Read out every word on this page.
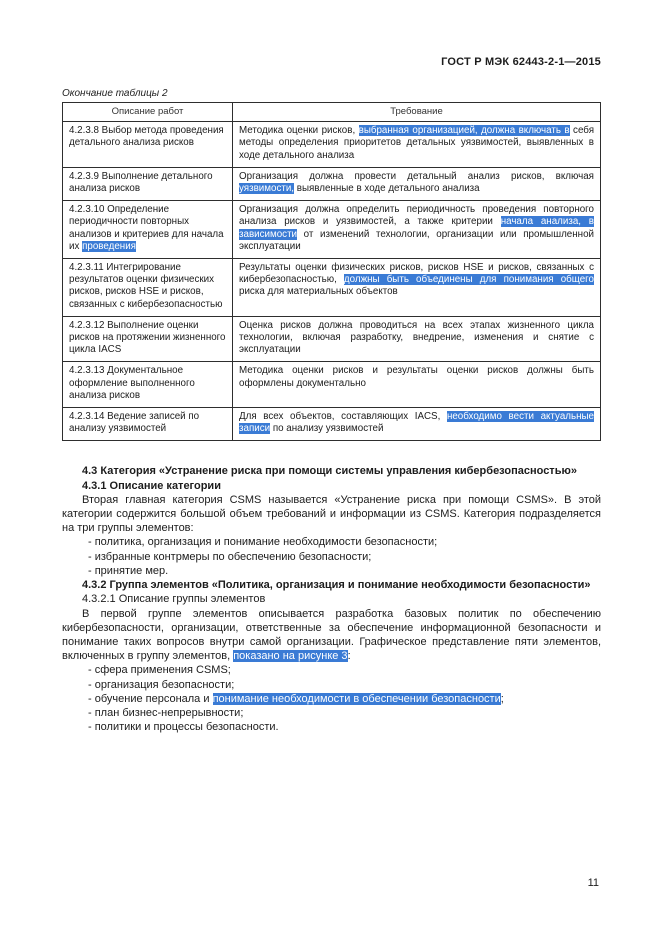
ГОСТ Р МЭК 62443-2-1—2015
Окончание таблицы 2
Описание работ	Требование
4.2.3.8 Выбор метода проведения детального анализа рисков	Методика оценки рисков, выбранная организацией, должна включать в себя методы определения приоритетов детальных уязвимостей, выявленных в ходе детального анализа
4.2.3.9 Выполнение детального анализа рисков	Организация должна провести детальный анализ рисков, включая уязвимости, выявленные в ходе детального анализа
4.2.3.10 Определение периодичности повторных анализов и критериев для начала их проведения	Организация должна определить периодичность проведения повторного анализа рисков и уязвимостей, а также критерии начала анализа, в зависимости от изменений технологии, организации или промышленной эксплуатации
4.2.3.11 Интегрирование результатов оценки физических рисков, рисков HSE и рисков, связанных с кибербезопасностью	Результаты оценки физических рисков, рисков HSE и рисков, связанных с кибербезопасностью, должны быть объединены для понимания общего риска для материальных объектов
4.2.3.12 Выполнение оценки рисков на протяжении жизненного цикла IACS	Оценка рисков должна проводиться на всех этапах жизненного цикла технологии, включая разработку, внедрение, изменения и снятие с эксплуатации
4.2.3.13 Документальное оформление выполненного анализа рисков	Методика оценки рисков и результаты оценки рисков должны быть оформлены документально
4.2.3.14 Ведение записей по анализу уязвимостей	Для всех объектов, составляющих IACS, необходимо вести актуальные записи по анализу уязвимостей
4.3 Категория «Устранение риска при помощи системы управления кибербезопасностью»
4.3.1 Описание категории
Вторая главная категория CSMS называется «Устранение риска при помощи CSMS». В этой категории содержится большой объем требований и информации из CSMS. Категория подразделяется на три группы элементов:
- политика, организация и понимание необходимости безопасности;
- избранные контрмеры по обеспечению безопасности;
- принятие мер.
4.3.2 Группа элементов «Политика, организация и понимание необходимости безопасности»
4.3.2.1 Описание группы элементов
В первой группе элементов описывается разработка базовых политик по обеспечению кибербезопасности, организации, ответственные за обеспечение информационной безопасности и понимание таких вопросов внутри самой организации. Графическое представление пяти элементов, включенных в группу элементов, показано на рисунке 3:
- сфера применения CSMS;
- организация безопасности;
- обучение персонала и понимание необходимости в обеспечении безопасности;
- план бизнес-непрерывности;
- политики и процессы безопасности.
11
